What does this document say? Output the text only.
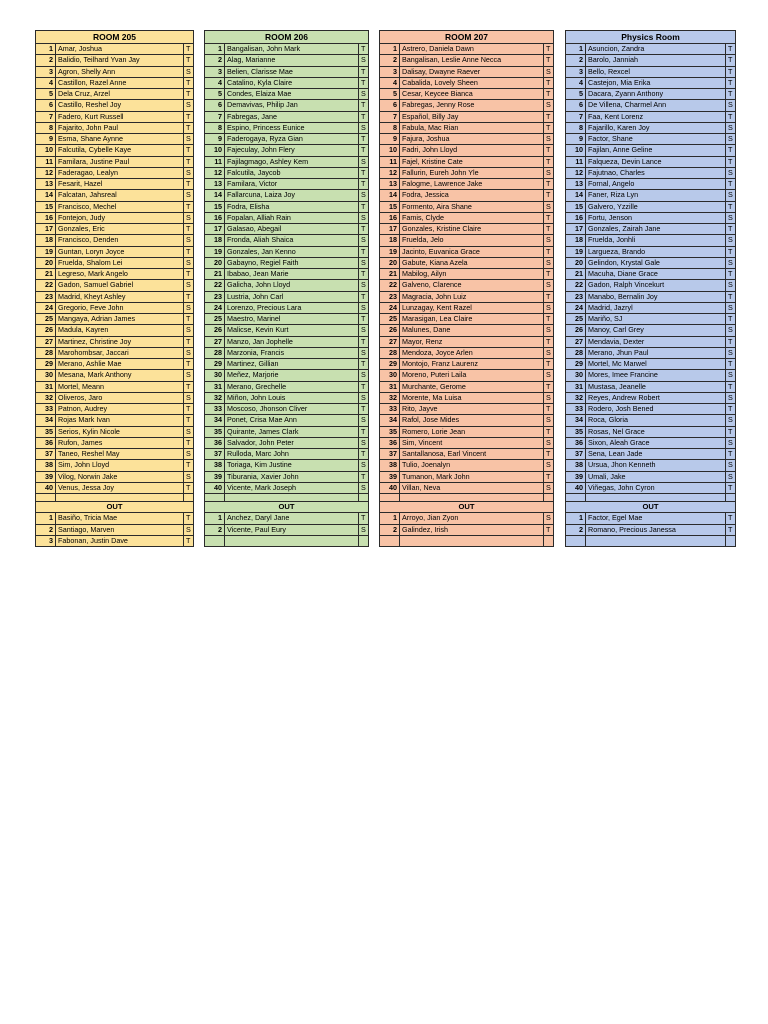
ROOM 205		
1	Amar, Joshua	T
2	Balidio, Teilhard Yvan Jay	T
3	Agron, Shelly Ann	S
4	Castillon, Razel Anne	T
5	Dela Cruz, Arzel	T
6	Castillo, Reshel Joy	S
7	Fadero, Kurt Russell	T
8	Fajarito, John Paul	T
9	Esma, Shane Aynne	S
10	Falcutila, Cybelle Kaye	T
11	Familara, Justine Paul	T
12	Faderagao, Lealyn	S
13	Fesarit, Hazel	T
14	Falcatan, Jahsreal	S
15	Francisco, Mechel	T
16	Fontejon, Judy	S
17	Gonzales, Eric	T
18	Francisco, Denden	S
19	Guntan, Loryn Joyce	T
20	Fruelda, Shalom Lei	S
21	Legreso, Mark Angelo	T
22	Gadon, Samuel Gabriel	S
23	Madrid, Kheyt Ashley	T
24	Gregorio, Feve John	S
25	Mangaya, Adrian James	T
26	Madula, Kayren	S
27	Martinez, Christine Joy	T
28	Marohombsar, Jaccari	S
29	Merano, Ashlie Mae	T
30	Mesana, Mark Anthony	S
31	Mortel, Meann	T
32	Oliveros, Jaro	S
33	Patnon, Audrey	T
34	Rojas Mark Ivan	T
35	Serios, Kylin Nicole	S
36	Rufon, James	T
37	Taneo, Reshel May	S
38	Sim, John Lloyd	T
39	Vilog, Norwin Jake	S
40	Venus, Jessa Joy	T

OUT		
1	Basiño, Tricia Mae	T
2	Santiago, Marven	S
3	Fabonan, Justin Dave	T
ROOM 206		
1	Bangalisan, John Mark	T
2	Alag, Marianne	S
3	Belien, Clarisse Mae	T
4	Catalino, Kyla Claire	T
5	Condes, Elaiza Mae	S
6	Demavivas, Philip Jan	T
7	Fabregas, Jane	T
8	Espino, Princess Eunice	S
9	Faderogaya, Ryza Gian	T
10	Fajeculay, John Flery	T
11	Fajilagmago, Ashley Kem	S
12	Falcutila, Jaycob	T
13	Familara, Victor	T
14	Fallarcuna, Laiza Joy	S
15	Fodra, Elisha	T
16	Fopalan, Alliah Rain	S
17	Galasao, Abegail	T
18	Fronda, Aliah Shaica	S
19	Gonzales, Jan Kenno	T
20	Gabayno, Regiel Faith	S
21	Ibabao, Jean Marie	T
22	Galicha, John Lloyd	S
23	Lustria, John Carl	T
24	Lorenzo, Precious Lara	S
25	Maestro, Marinel	T
26	Malicse, Kevin Kurt	S
27	Manzo, Jan Jophelle	T
28	Marzonia, Francis	S
29	Martinez, Gillian	T
30	Meñez, Marjorie	S
31	Merano, Grechelle	T
32	Miñon, John Louis	S
33	Moscoso, Jhonson Cliver	T
34	Ponet, Crisa Mae Ann	S
35	Quirante, James Clark	T
36	Salvador, John Peter	S
37	Rulloda, Marc John	T
38	Toriaga, Kim Justine	S
39	Tiburania, Xavier John	T
40	Vicente, Mark Joseph	S

OUT		
1	Anchez, Daryl Jane	T
2	Vicente, Paul Eury	S

ROOM 207		
1	Astrero, Daniela Dawn	T
2	Bangalisan, Leslie Anne Necca	T
3	Dalisay, Dwayne Raever	S
4	Cabalida, Lovely Sheen	T
5	Cesar, Keycee Bianca	T
6	Fabregas, Jenny Rose	S
7	Español, Billy Jay	T
8	Fabula, Mac Rian	T
9	Fajura, Joshua	S
10	Fadri, John Lloyd	T
11	Fajel, Kristine Cate	T
12	Fallurin, Eureh John Yle	S
13	Falogme, Lawrence Jake	T
14	Fodra, Jessica	T
15	Formento, Aira Shane	S
16	Famis, Clyde	T
17	Gonzales, Kristine Claire	T
18	Fruelda, Jelo	S
19	Jacinto, Euvanica Grace	T
20	Gabute, Kiana Azela	S
21	Mabilog, Ailyn	T
22	Galveno, Clarence	S
23	Magracia, John Luiz	T
24	Lunzagay, Kent Razel	S
25	Marasigan, Lea Claire	T
26	Malunes, Dane	S
27	Mayor, Renz	T
28	Mendoza, Joyce Arlen	S
29	Montojo, Franz Laurenz	T
30	Moreno, Puteri Laila	S
31	Murchante, Gerome	T
32	Morente, Ma Luisa	S
33	Rito, Jayve	T
34	Rafol, Jose Mides	S
35	Romero, Lorie Jean	T
36	Sim, Vincent	S
37	Santallanosa, Earl Vincent	T
38	Tulio, Joenalyn	S
39	Tumanon, Mark John	T
40	Villan, Neva	S

OUT		
1	Arroyo, Jian Zyon	S
2	Galindez, Irish	T

Physics Room		
1	Asuncion, Zandra	T
2	Barolo, Janniah	T
3	Bello, Rexcel	T
4	Castejon, Mia Erika	T
5	Dacara, Zyann Anthony	T
6	De Villena, Charmel Ann	S
7	Faa, Kent Lorenz	T
8	Fajarillo, Karen Joy	S
9	Factor, Shane	S
10	Fajilan, Anne Geline	T
11	Falqueza, Devin Lance	T
12	Fajutnao, Charles	S
13	Fornal, Angelo	T
14	Faner, Riza Lyn	S
15	Galvero, Yzzille	T
16	Fortu, Jenson	S
17	Gonzales, Zairah Jane	T
18	Fruelda, Jonhli	S
19	Largueza, Brando	T
20	Gelindon, Krystal Gale	S
21	Macuha, Diane Grace	T
22	Gadon, Ralph Vincekurt	S
23	Manabo, Bernalin Joy	T
24	Madrid, Jazryl	S
25	Mariño, SJ	T
26	Manoy, Carl Grey	S
27	Mendavia, Dexter	T
28	Merano, Jhun Paul	S
29	Mortel, Mc Marwel	T
30	Mores, Imee Francine	S
31	Mustasa, Jeanelle	T
32	Reyes, Andrew Robert	S
33	Rodero, Josh Bened	T
34	Roca, Gloria	S
35	Rosas, Nel Grace	T
36	Sixon, Aleah Grace	S
37	Sena, Lean Jade	T
38	Ursua, Jhon Kenneth	S
39	Umali, Jake	S
40	Viñegas, John Cyron	T

OUT		
1	Factor, Egel Mae	T
2	Romano, Precious Janessa	T
